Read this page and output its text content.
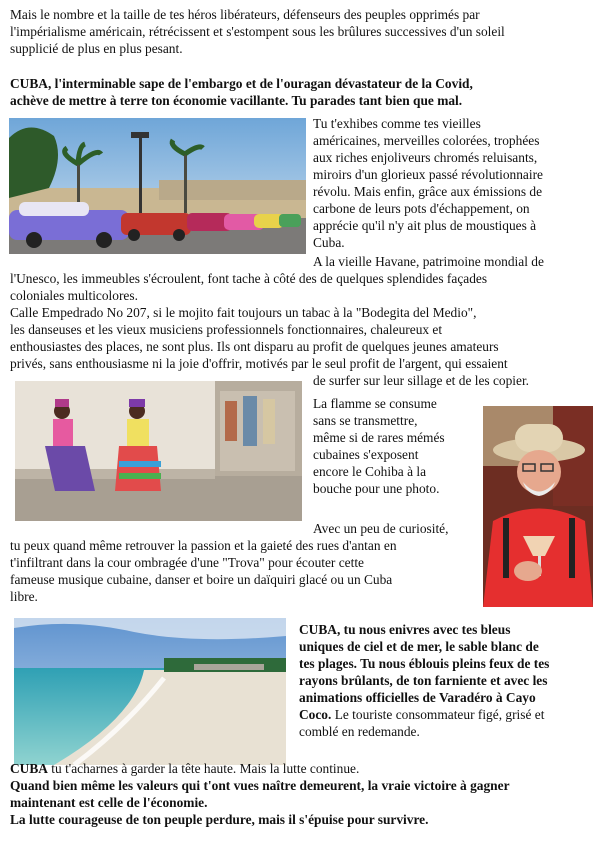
Mais le nombre et la taille de tes héros libérateurs, défenseurs des peuples opprimés par
l'impérialisme américain, rétrécissent et s'estompent sous les brûlures successives d'un soleil
supplicié de plus en plus pesant.
CUBA, l'interminable sape de l'embargo et de l'ouragan dévastateur de la Covid,
achève de mettre à terre ton économie vacillante. Tu parades tant bien que mal.
Tu t'exhibes comme tes vieilles
américaines, merveilles colorées, trophées
aux riches enjoliveurs chromés reluisants,
miroirs d'un glorieux passé révolutionnaire
révolu. Mais enfin, grâce aux émissions de
carbone de leurs pots d'échappement, on
apprécie qu'il n'y ait plus de moustiques à
Cuba.
A la vieille Havane, patrimoine mondial de
l'Unesco, les immeubles s'écroulent, font tache à côté des de quelques splendides façades
coloniales multicolores.
Calle Empedrado No 207, si le mojito fait toujours un tabac à la "Bodegita del Medio",
les danseuses et les vieux musiciens professionnels fonctionnaires, chaleureux et
enthousiastes des places, ne sont plus. Ils ont disparu au profit de quelques jeunes amateurs
privés, sans enthousiasme ni la joie d'offrir, motivés par le seul profit de l'argent, qui essaient
de surfer sur leur sillage et de les copier.
La flamme se consume
sans se transmettre,
même si de rares mémés
cubaines s'exposent
encore le Cohiba à la
bouche pour une photo.
Avec un peu de curiosité,
tu peux quand même retrouver la passion et la gaieté des rues d'antan en
t'infiltrant dans la cour ombragée d'une "Trova" pour écouter cette
fameuse musique cubaine, danser et boire un daïquiri glacé ou un Cuba
libre.
CUBA, tu nous enivres avec tes bleus
uniques de ciel et de mer, le sable blanc de
tes plages. Tu nous éblouis pleins feux de tes
rayons brûlants, de ton farniente et avec les
animations officielles de Varadéro à Cayo
Coco. Le touriste consommateur figé, grisé et
comblé en redemande.
CUBA tu t'acharnes à garder la tête haute. Mais la lutte continue.
Quand bien même les valeurs qui t'ont vues naître demeurent, la vraie victoire à gagner
maintenant est celle de l'économie.
La lutte courageuse de ton peuple perdure, mais il s'épuise pour survivre.
